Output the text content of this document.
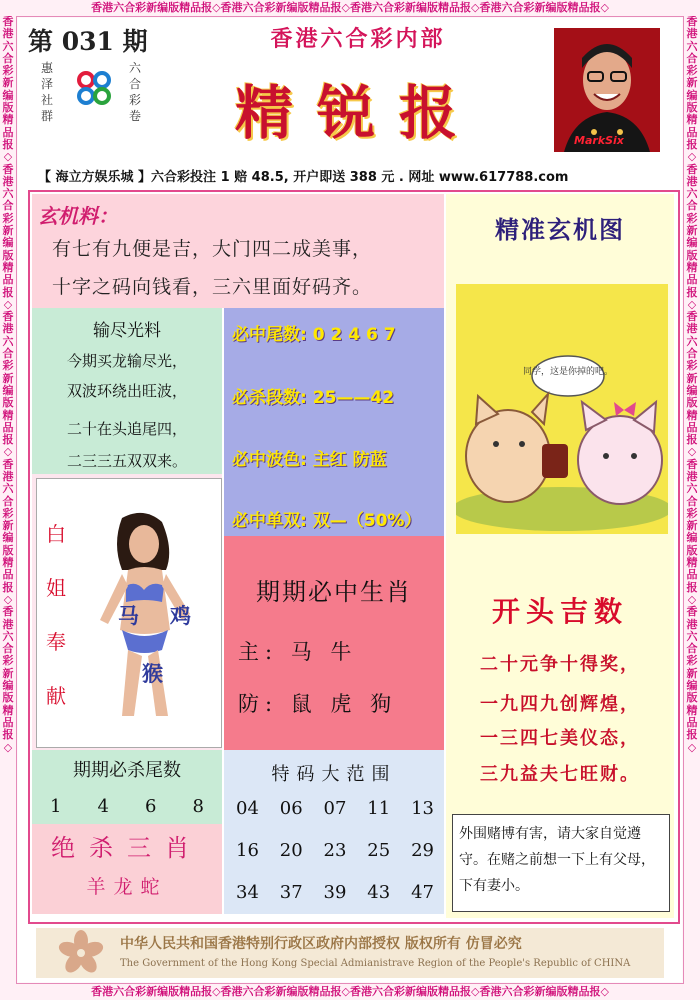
香港六合彩新编版精品报◇香港六合彩新编版精品报◇香港六合彩新编版精品报◇香港六合彩新编版精品报◇
香港六合彩新编版精品报◇香港六合彩新编版精品报◇香港六合彩新编版精品报◇香港六合彩新编版精品报◇
香港六合彩新编版精品报◇香港六合彩新编版精品报◇香港六合彩新编版精品报◇香港六合彩新编版精品报◇香港六合彩新编版精品报◇
香港六合彩新编版精品报◇香港六合彩新编版精品报◇香港六合彩新编版精品报◇香港六合彩新编版精品报◇香港六合彩新编版精品报◇
第 031 期
惠泽社群
六合彩卷
香港六合彩内部
精锐报	MarkSix
【 海立方娱乐城 】六合彩投注 1 赔 48.5, 开户即送 388 元 . 网址 www.617788.com
玄机料：
有七有九便是吉，大门四二成美事，
十字之码向钱看，三六里面好码齐。
输尽光料
今期买龙输尽光，
双波环绕出旺波，
二十在头追尾四，
二三三五双双来。
必中尾数: 0 2 4 6 7
必杀段数: 25——42
必中波色: 主红 防蓝
必中单双: 双—（50%）
白
姐
奉
献
马 鸡
猴
期期必中生肖
主: 马 牛
防: 鼠 虎 狗
期期必杀尾数
1 4 6 8
绝杀三肖
羊龙蛇
特码大范围
04 06 07 11 13
16 20 23 25 29
34 37 39 43 47
精准玄机图
同学，这是你掉的吧。
开头吉数
二十元争十得奖，
一九四九创辉煌，
一三四七美仪态，
三九益夫七旺财。
外围赌博有害，请大家自觉遵守。在赌之前想一下上有父母，下有妻小。
中华人民共和国香港特别行政区政府内部授权 版权所有 仿冒必究
The Government of the Hong Kong Special Admianistrave Region of the People's Republic of CHINA
